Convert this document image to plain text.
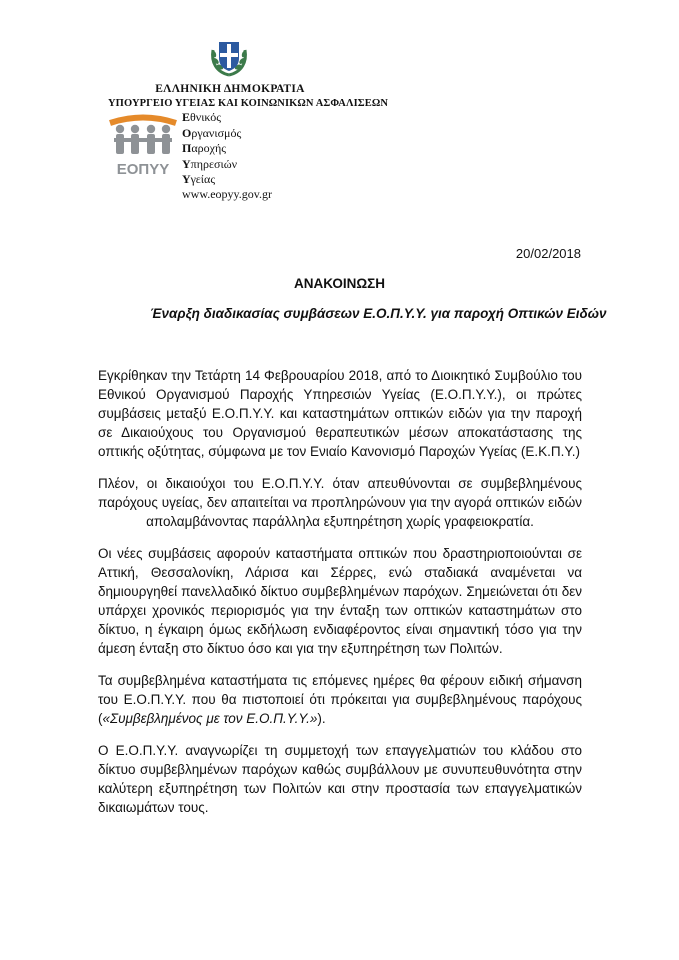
ΕΛΛΗΝΙΚΗ ΔΗΜΟΚΡΑΤΙΑ
ΥΠΟΥΡΓΕΙΟ ΥΓΕΙΑΣ ΚΑΙ ΚΟΙΝΩΝΙΚΩΝ ΑΣΦΑΛΙΣΕΩΝ
ΕΟΠΥΥ
Εθνικός
Οργανισμός
Παροχής
Υπηρεσιών
Υγείας
www.eopyy.gov.gr
20/02/2018
ΑΝΑΚΟΙΝΩΣΗ
Έναρξη διαδικασίας συμβάσεων Ε.Ο.Π.Υ.Υ. για παροχή Οπτικών Ειδών

Εγκρίθηκαν την Τετάρτη 14 Φεβρουαρίου 2018, από το Διοικητικό Συμβούλιο του Εθνικού Οργανισμού Παροχής Υπηρεσιών Υγείας (Ε.Ο.Π.Υ.Υ.), οι πρώτες συμβάσεις μεταξύ Ε.Ο.Π.Υ.Υ. και καταστημάτων οπτικών ειδών για την παροχή σε Δικαιούχους του Οργανισμού θεραπευτικών μέσων αποκατάστασης της οπτικής οξύτητας, σύμφωνα με τον Ενιαίο Κανονισμό Παροχών Υγείας (Ε.Κ.Π.Υ.)

Πλέον, οι δικαιούχοι του Ε.Ο.Π.Υ.Υ. όταν απευθύνονται σε συμβεβλημένους παρόχους υγείας, δεν απαιτείται να προπληρώνουν για την αγορά οπτικών ειδών απολαμβάνοντας παράλληλα εξυπηρέτηση χωρίς γραφειοκρατία.

Οι νέες συμβάσεις αφορούν καταστήματα οπτικών που δραστηριοποιούνται σε Αττική, Θεσσαλονίκη, Λάρισα και Σέρρες, ενώ σταδιακά αναμένεται να δημιουργηθεί πανελλαδικό δίκτυο συμβεβλημένων παρόχων. Σημειώνεται ότι δεν υπάρχει χρονικός περιορισμός για την ένταξη των οπτικών καταστημάτων στο δίκτυο, η έγκαιρη όμως εκδήλωση ενδιαφέροντος είναι σημαντική τόσο για την άμεση ένταξη στο δίκτυο όσο και για την εξυπηρέτηση των Πολιτών.

Τα συμβεβλημένα καταστήματα τις επόμενες ημέρες θα φέρουν ειδική σήμανση του Ε.Ο.Π.Υ.Υ. που θα πιστοποιεί ότι πρόκειται για συμβεβλημένους παρόχους («Συμβεβλημένος με τον Ε.Ο.Π.Υ.Υ.»).

Ο Ε.Ο.Π.Υ.Υ. αναγνωρίζει τη συμμετοχή των επαγγελματιών του κλάδου στο δίκτυο συμβεβλημένων παρόχων καθώς συμβάλλουν με συνυπευθυνότητα στην καλύτερη εξυπηρέτηση των Πολιτών και στην προστασία των επαγγελματικών δικαιωμάτων τους.
